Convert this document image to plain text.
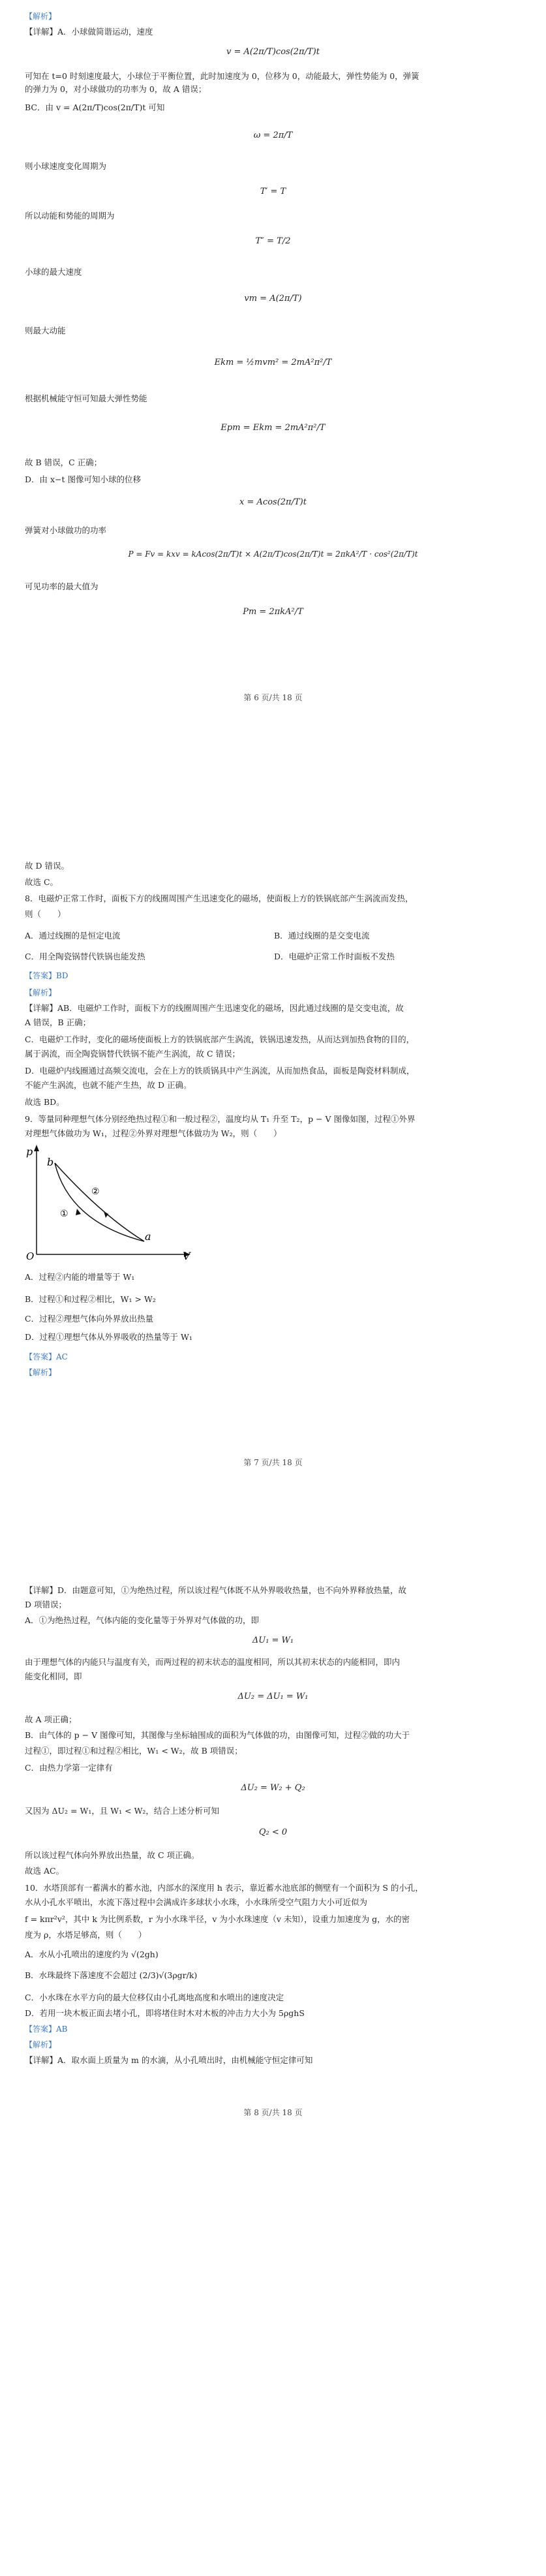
【解析】
【详解】A．小球做简谐运动，速度
v = A(2π/T)cos(2π/T)t
可知在 t=0 时刻速度最大，小球位于平衡位置，此时加速度为 0，位移为 0，动能最大，弹性势能为 0，弹簧
的弹力为 0，对小球做功的功率为 0，故 A 错误；
BC．由 v = A(2π/T)cos(2π/T)t 可知
ω = 2π/T
则小球速度变化周期为
T′ = T
所以动能和势能的周期为
T″ = T/2
小球的最大速度
vm = A(2π/T)
则最大动能
Ekm = ½mvm² = 2mA²π²/T
根据机械能守恒可知最大弹性势能
Epm = Ekm = 2mA²π²/T
故 B 错误，C 正确；
D．由 x−t 图像可知小球的位移
x = Acos(2π/T)t
弹簧对小球做功的功率
P = Fv = kxv = kAcos(2π/T)t × A(2π/T)cos(2π/T)t = 2πkA²/T · cos²(2π/T)t
可见功率的最大值为
Pm = 2πkA²/T
第 6 页/共 18 页
故 D 错误。
故选 C。
8．电磁炉正常工作时，面板下方的线圈周围产生迅速变化的磁场，使面板上方的铁锅底部产生涡流而发热，
则（　　）
A．通过线圈的是恒定电流	B．通过线圈的是交变电流
C．用全陶瓷锅替代铁锅也能发热	D．电磁炉正常工作时面板不发热
【答案】BD
【解析】
【详解】AB．电磁炉工作时，面板下方的线圈周围产生迅速变化的磁场，因此通过线圈的是交变电流，故
A 错误，B 正确；
C．电磁炉工作时，变化的磁场使面板上方的铁锅底部产生涡流，铁锅迅速发热，从而达到加热食物的目的，
属于涡流，而全陶瓷锅替代铁锅不能产生涡流，故 C 错误；
D．电磁炉内线圈通过高频交流电，会在上方的铁质锅具中产生涡流，从而加热食品，面板是陶瓷材料制成，
不能产生涡流，也就不能产生热，故 D 正确。
故选 BD。
9．等量同种理想气体分别经绝热过程①和一般过程②，温度均从 T₁ 升至 T₂，p − V 图像如图，过程①外界
对理想气体做功为 W₁，过程②外界对理想气体做功为 W₂，则（　　）
p
V
O
a
b
①
②
A．过程②内能的增量等于 W₁
B．过程①和过程②相比，W₁ > W₂
C．过程②理想气体向外界放出热量
D．过程①理想气体从外界吸收的热量等于 W₁
【答案】AC
【解析】
第 7 页/共 18 页
【详解】D．由题意可知，①为绝热过程，所以该过程气体既不从外界吸收热量，也不向外界释放热量，故
D 项错误；
A．①为绝热过程，气体内能的变化量等于外界对气体做的功，即
ΔU₁ = W₁
由于理想气体的内能只与温度有关，而两过程的初末状态的温度相同，所以其初末状态的内能相同，即内
能变化相同，即
ΔU₂ = ΔU₁ = W₁
故 A 项正确；
B．由气体的 p − V 图像可知，其图像与坐标轴围成的面积为气体做的功，由图像可知，过程②做的功大于
过程①，即过程①和过程②相比，W₁ < W₂，故 B 项错误；
C．由热力学第一定律有
ΔU₂ = W₂ + Q₂
又因为 ΔU₂ = W₁，且 W₁ < W₂，结合上述分析可知
Q₂ < 0
所以该过程气体向外界放出热量，故 C 项正确。
故选 AC。
10．水塔顶部有一蓄满水的蓄水池，内部水的深度用 h 表示，靠近蓄水池底部的侧壁有一个面积为 S 的小孔，
水从小孔水平喷出，水流下落过程中会满成许多球状小水珠，小水珠所受空气阻力大小可近似为
f = kπr²v²，其中 k 为比例系数，r 为小水珠半径，v 为小水珠速度（v 未知），设重力加速度为 g，水的密
度为 ρ，水塔足够高，则（　　）
A．水从小孔喷出的速度约为 √(2gh)
B．水珠最终下落速度不会超过 (2/3)√(3ρgr/k)
C．小水珠在水平方向的最大位移仅由小孔离地高度和水喷出的速度决定
D．若用一块木板正面去堵小孔，即将堵住时木对木板的冲击力大小为 5ρghS
【答案】AB
【解析】
【详解】A．取水面上质量为 m 的水滴，从小孔喷出时，由机械能守恒定律可知
第 8 页/共 18 页
